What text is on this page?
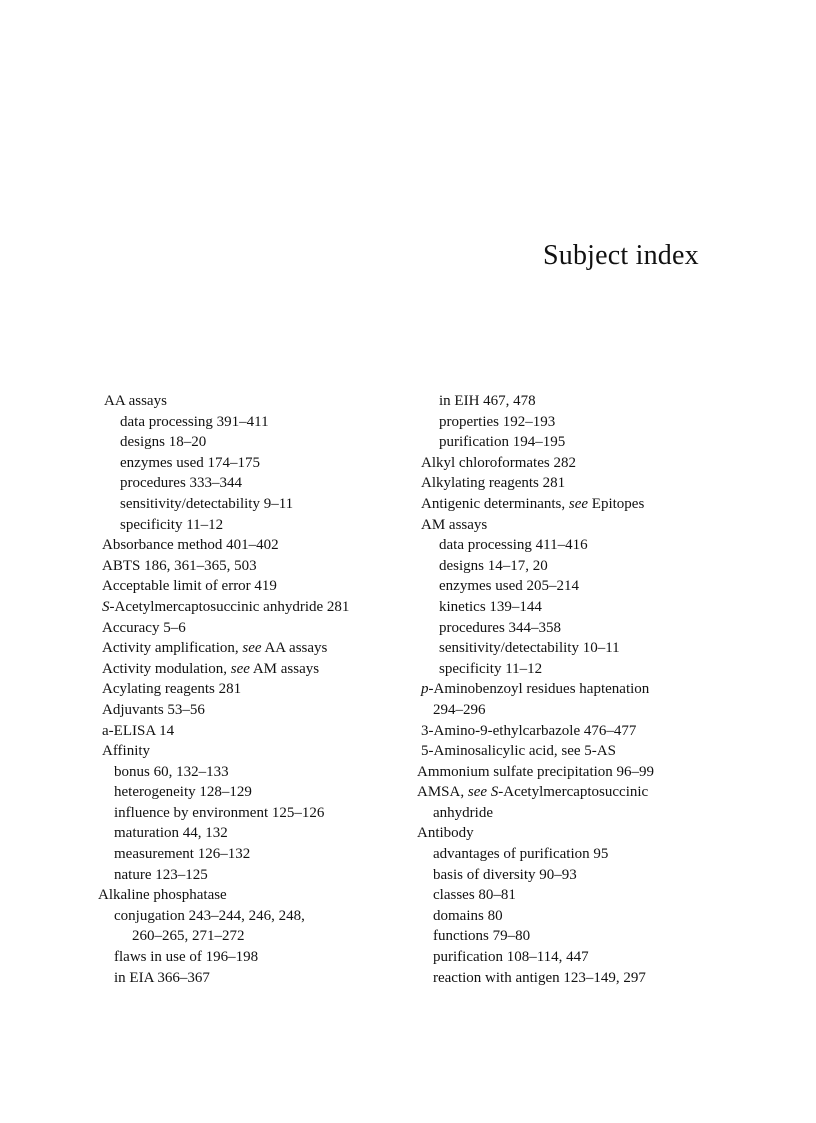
Subject index
AA assays
data processing 391–411
designs 18–20
enzymes used 174–175
procedures 333–344
sensitivity/detectability 9–11
specificity 11–12
Absorbance method 401–402
ABTS 186, 361–365, 503
Acceptable limit of error 419
S-Acetylmercaptosuccinic anhydride 281
Accuracy 5–6
Activity amplification, see AA assays
Activity modulation, see AM assays
Acylating reagents 281
Adjuvants 53–56
a-ELISA 14
Affinity
bonus 60, 132–133
heterogeneity 128–129
influence by environment 125–126
maturation 44, 132
measurement 126–132
nature 123–125
Alkaline phosphatase
conjugation 243–244, 246, 248,
260–265, 271–272
flaws in use of 196–198
in EIA 366–367
in EIH 467, 478
properties 192–193
purification 194–195
Alkyl chloroformates 282
Alkylating reagents 281
Antigenic determinants, see Epitopes
AM assays
data processing 411–416
designs 14–17, 20
enzymes used 205–214
kinetics 139–144
procedures 344–358
sensitivity/detectability 10–11
specificity 11–12
p-Aminobenzoyl residues haptenation
294–296
3-Amino-9-ethylcarbazole 476–477
5-Aminosalicylic acid, see 5-AS
Ammonium sulfate precipitation 96–99
AMSA, see S-Acetylmercaptosuccinic
anhydride
Antibody
advantages of purification 95
basis of diversity 90–93
classes 80–81
domains 80
functions 79–80
purification 108–114, 447
reaction with antigen 123–149, 297
